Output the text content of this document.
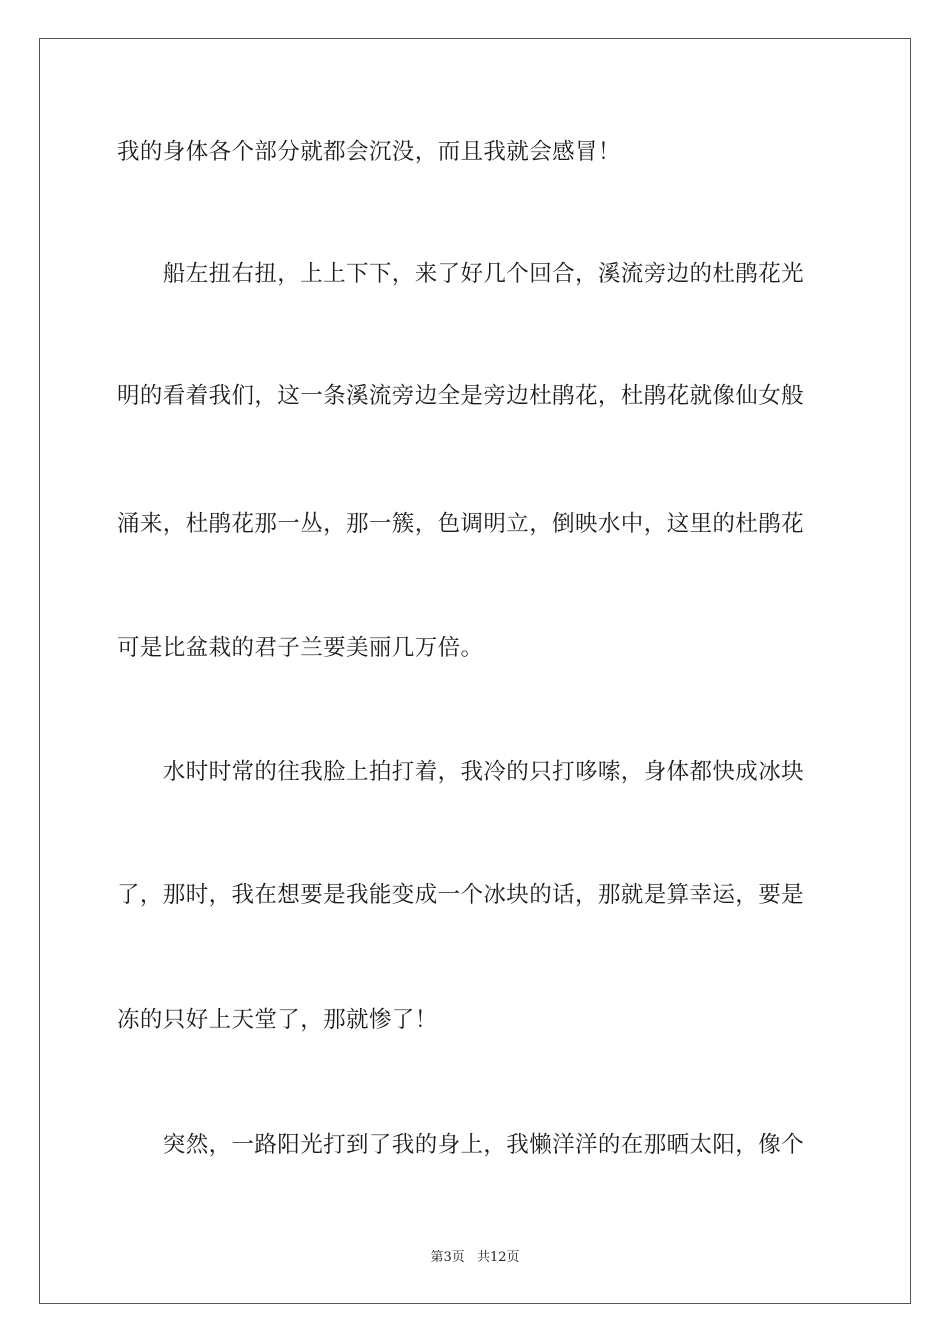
我的身体各个部分就都会沉没，而且我就会感冒！
　　船左扭右扭，上上下下，来了好几个回合，溪流旁边的杜鹃花光
明的看着我们，这一条溪流旁边全是旁边杜鹃花，杜鹃花就像仙女般
涌来，杜鹃花那一丛，那一簇，色调明立，倒映水中，这里的杜鹃花
可是比盆栽的君子兰要美丽几万倍。
　　水时时常的往我脸上拍打着，我冷的只打哆嗦，身体都快成冰块
了，那时，我在想要是我能变成一个冰块的话，那就是算幸运，要是
冻的只好上天堂了，那就惨了！
　　突然，一路阳光打到了我的身上，我懒洋洋的在那晒太阳，像个
第3页 共12页
